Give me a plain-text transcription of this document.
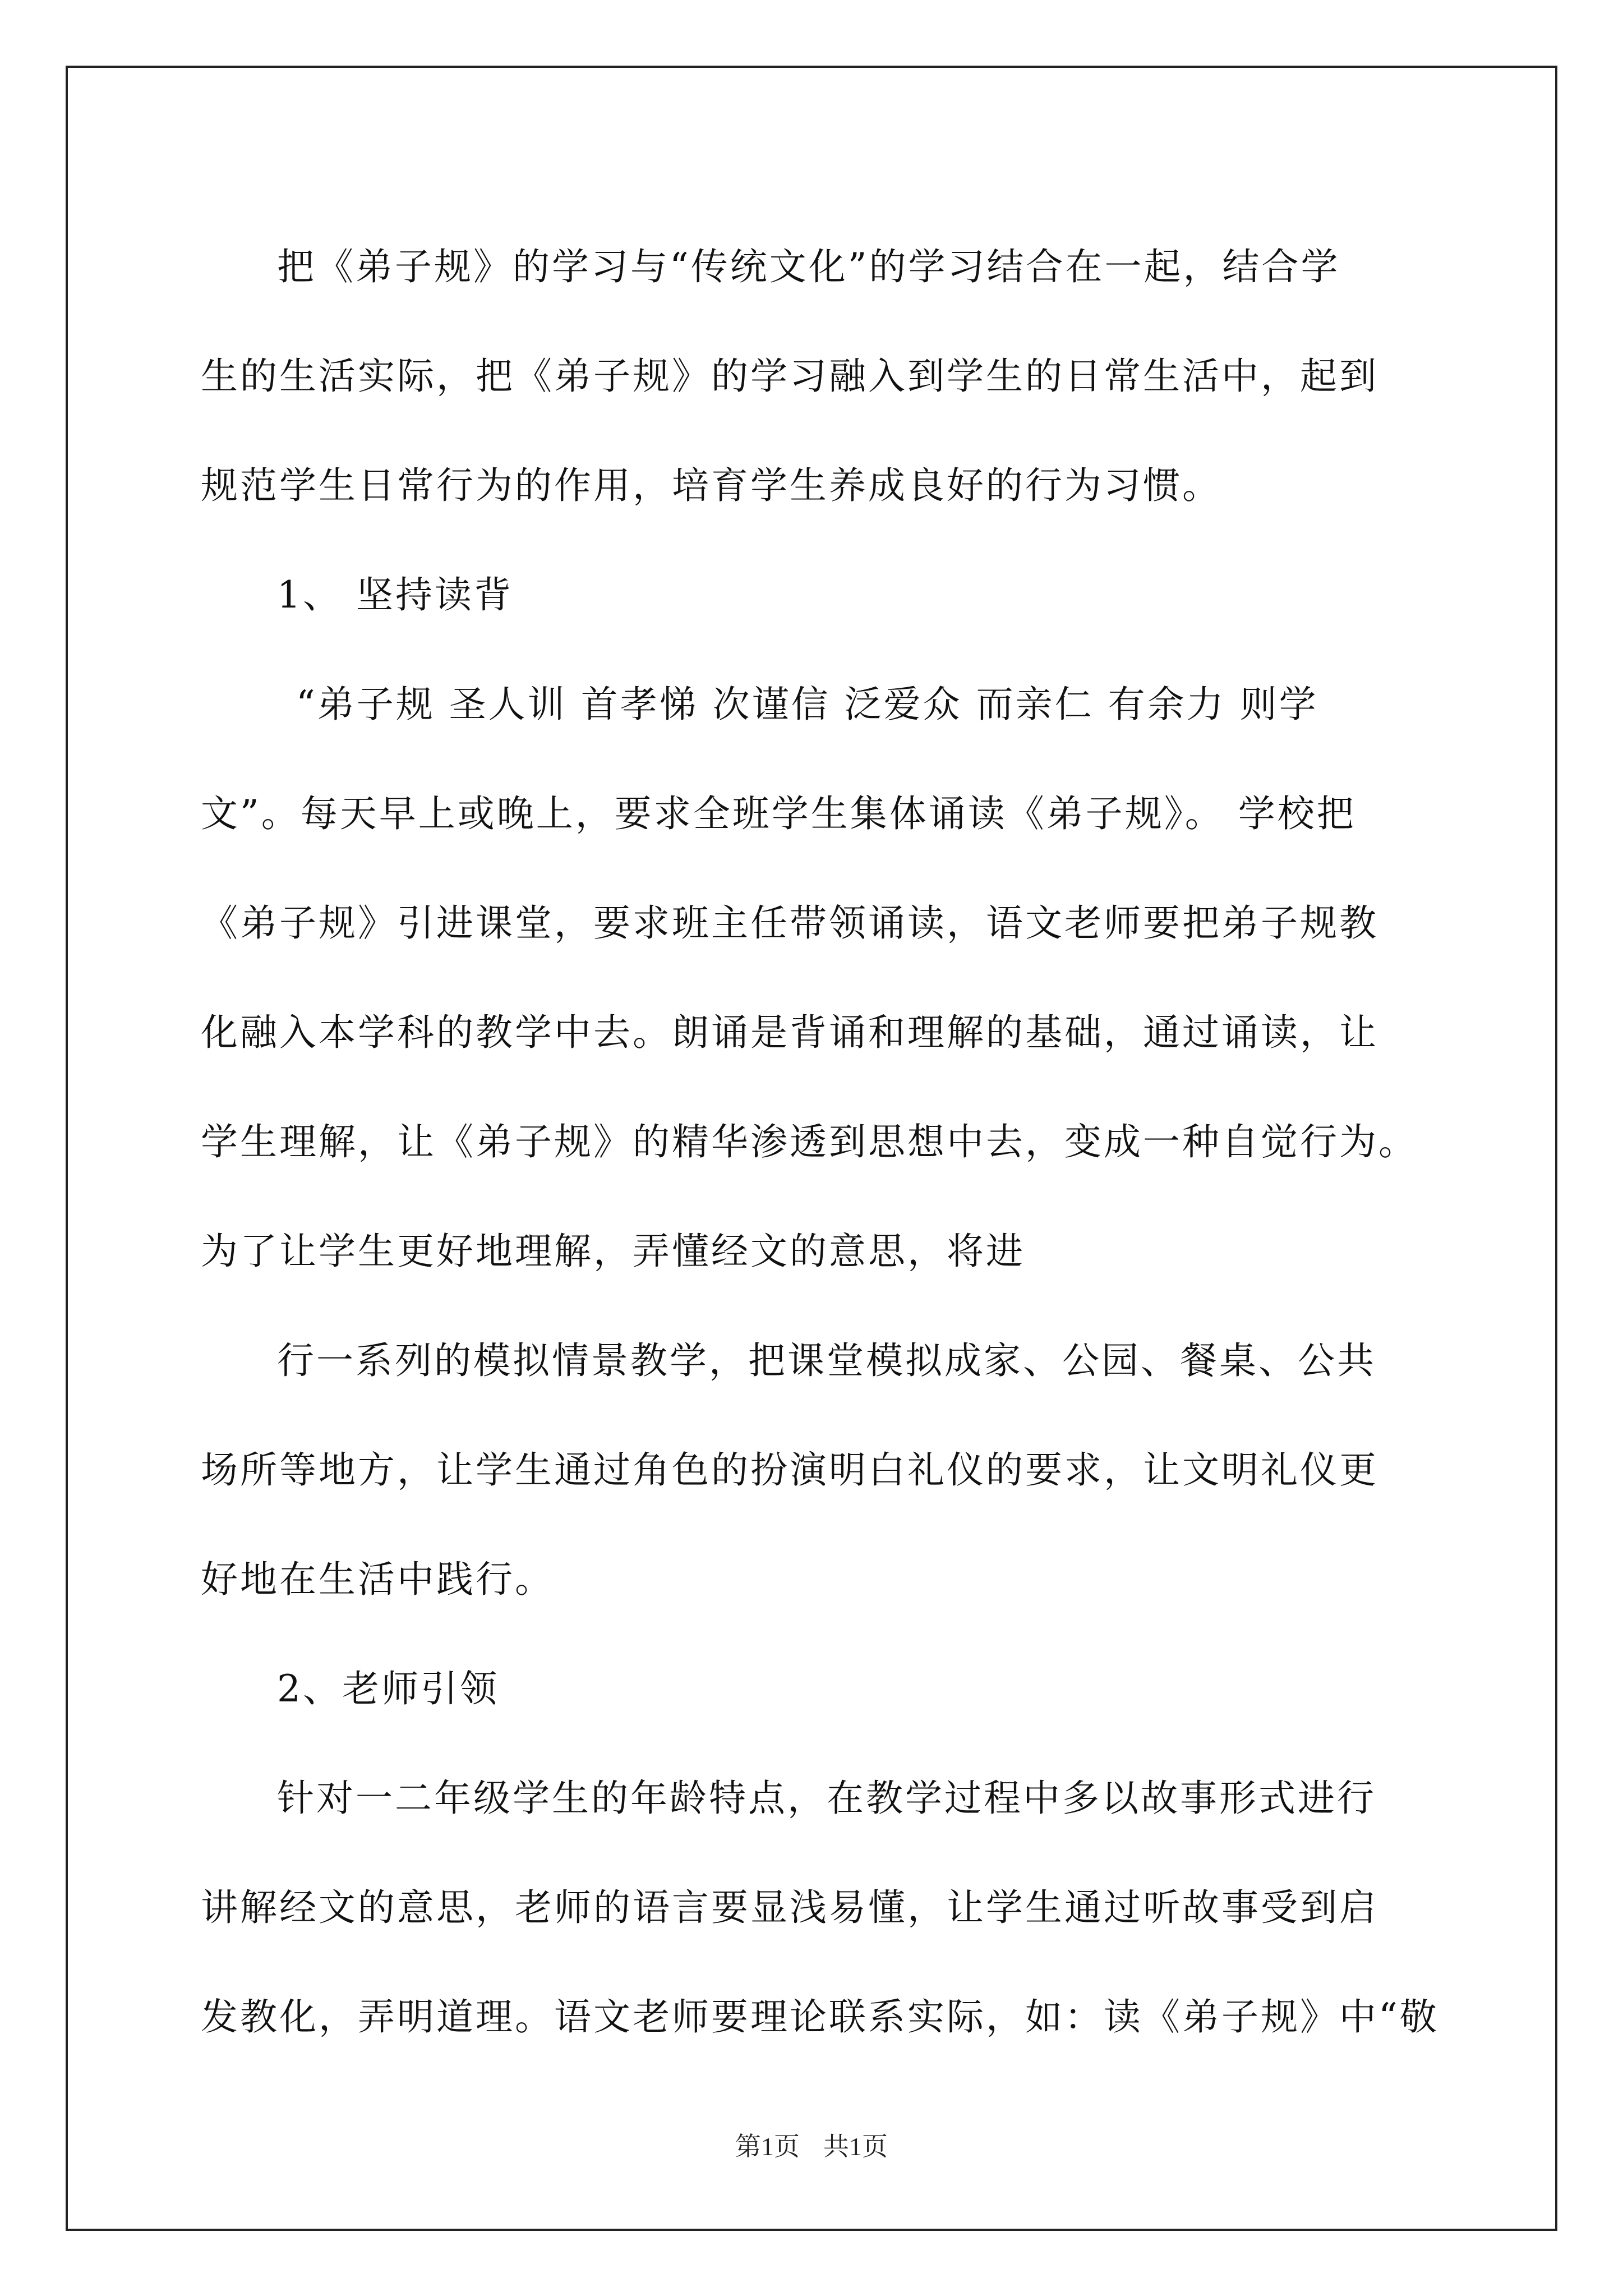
把《弟子规》的学习与“传统文化”的学习结合在一起，结合学
生的生活实际，把《弟子规》的学习融入到学生的日常生活中，起到
规范学生日常行为的作用，培育学生养成良好的行为习惯。
1、 坚持读背
“弟子规 圣人训 首孝悌 次谨信 泛爱众 而亲仁 有余力 则学
文”。每天早上或晚上，要求全班学生集体诵读《弟子规》。 学校把
《弟子规》引进课堂，要求班主任带领诵读，语文老师要把弟子规教
化融入本学科的教学中去。朗诵是背诵和理解的基础，通过诵读，让
学生理解，让《弟子规》的精华渗透到思想中去，变成一种自觉行为。
为了让学生更好地理解，弄懂经文的意思，将进
行一系列的模拟情景教学，把课堂模拟成家、公园、餐桌、公共
场所等地方，让学生通过角色的扮演明白礼仪的要求，让文明礼仪更
好地在生活中践行。
2、老师引领
针对一二年级学生的年龄特点，在教学过程中多以故事形式进行
讲解经文的意思，老师的语言要显浅易懂，让学生通过听故事受到启
发教化，弄明道理。语文老师要理论联系实际，如：读《弟子规》中“敬
第1页 共1页
